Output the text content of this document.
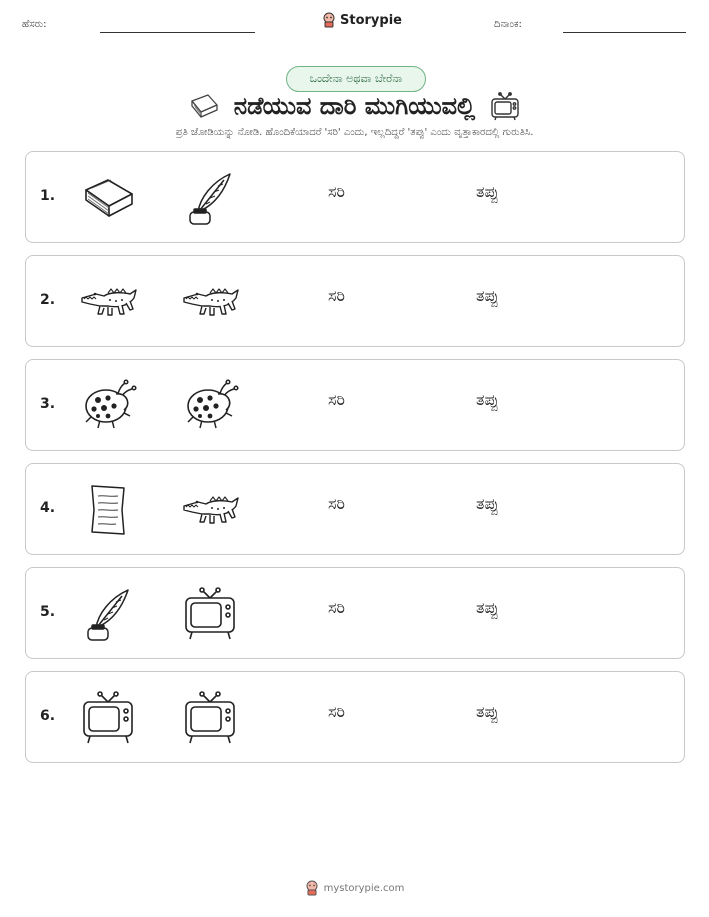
ಹೆಸರು:	Storypie	ದಿನಾಂಕ:
ಒಂದೇನಾ ಅಥವಾ ಬೇರೆನಾ
ನಡೆಯುವ ದಾರಿ ಮುಗಿಯುವಲ್ಲಿ
ಪ್ರತಿ ಜೋಡಿಯನ್ನು ನೋಡಿ. ಹೊಂದಿಕೆಯಾದರೆ 'ಸರಿ' ಎಂದು, ಇಲ್ಲದಿದ್ದರೆ 'ತಪ್ಪು' ಎಂದು ವೃತ್ತಾಕಾರದಲ್ಲಿ ಗುರುತಿಸಿ.
1.	ಸರಿ	ತಪ್ಪು
2.	ಸರಿ	ತಪ್ಪು
3.	ಸರಿ	ತಪ್ಪು
4.	ಸರಿ	ತಪ್ಪು
5.	ಸರಿ	ತಪ್ಪು
6.	ಸರಿ	ತಪ್ಪು
mystorypie.com
